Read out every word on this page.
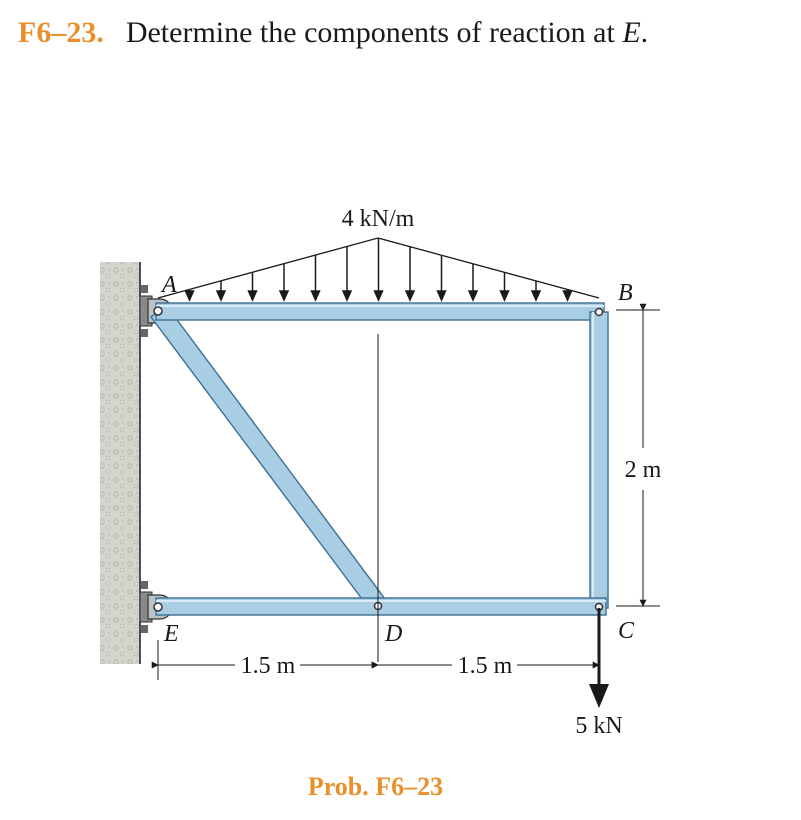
F6–23. Determine the components of reaction at E.
4 kN/m
A	B
C
D
E
1.5 m	1.5 m
2 m
5 kN
Prob. F6–23
